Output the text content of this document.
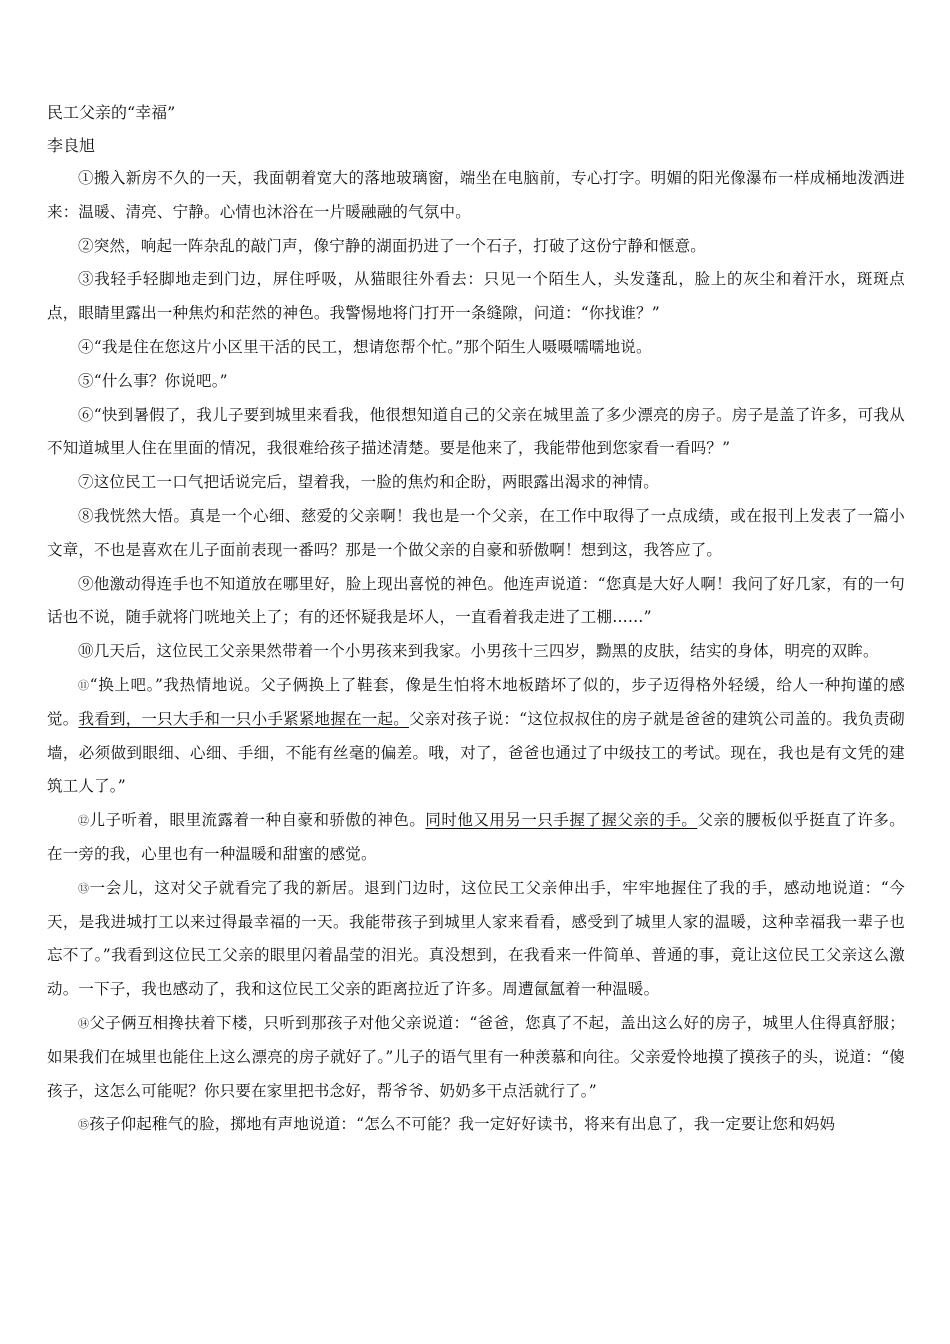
民工父亲的“幸福”

李良旭

①搬入新房不久的一天，我面朝着宽大的落地玻璃窗，端坐在电脑前，专心打字。明媚的阳光像瀑布一样成桶地泼洒进来：温暖、清亮、宁静。心情也沐浴在一片暖融融的气氛中。

②突然，响起一阵杂乱的敲门声，像宁静的湖面扔进了一个石子，打破了这份宁静和惬意。

③我轻手轻脚地走到门边，屏住呼吸，从猫眼往外看去：只见一个陌生人，头发蓬乱，脸上的灰尘和着汗水，斑斑点点，眼睛里露出一种焦灼和茫然的神色。我警惕地将门打开一条缝隙，问道：“你找谁？”

④“我是住在您这片小区里干活的民工，想请您帮个忙。”那个陌生人嗫嗫嚅嚅地说。

⑤“什么事？你说吧。”

⑥“快到暑假了，我儿子要到城里来看我，他很想知道自己的父亲在城里盖了多少漂亮的房子。房子是盖了许多，可我从不知道城里人住在里面的情况，我很难给孩子描述清楚。要是他来了，我能带他到您家看一看吗？”

⑦这位民工一口气把话说完后，望着我，一脸的焦灼和企盼，两眼露出渴求的神情。

⑧我恍然大悟。真是一个心细、慈爱的父亲啊！我也是一个父亲，在工作中取得了一点成绩，或在报刊上发表了一篇小文章，不也是喜欢在儿子面前表现一番吗？那是一个做父亲的自豪和骄傲啊！想到这，我答应了。

⑨他激动得连手也不知道放在哪里好，脸上现出喜悦的神色。他连声说道：“您真是大好人啊！我问了好几家，有的一句话也不说，随手就将门咣地关上了；有的还怀疑我是坏人，一直看着我走进了工棚……”

⑩几天后，这位民工父亲果然带着一个小男孩来到我家。小男孩十三四岁，黝黑的皮肤，结实的身体，明亮的双眸。

⑪“换上吧。”我热情地说。父子俩换上了鞋套，像是生怕将木地板踏坏了似的，步子迈得格外轻缓，给人一种拘谨的感觉。我看到，一只大手和一只小手紧紧地握在一起。父亲对孩子说：“这位叔叔住的房子就是爸爸的建筑公司盖的。我负责砌墙，必须做到眼细、心细、手细，不能有丝毫的偏差。哦，对了，爸爸也通过了中级技工的考试。现在，我也是有文凭的建筑工人了。”

⑫儿子听着，眼里流露着一种自豪和骄傲的神色。同时他又用另一只手握了握父亲的手。父亲的腰板似乎挺直了许多。在一旁的我，心里也有一种温暖和甜蜜的感觉。

⑬一会儿，这对父子就看完了我的新居。退到门边时，这位民工父亲伸出手，牢牢地握住了我的手，感动地说道：“今天，是我进城打工以来过得最幸福的一天。我能带孩子到城里人家来看看，感受到了城里人家的温暖，这种幸福我一辈子也忘不了。”我看到这位民工父亲的眼里闪着晶莹的泪光。真没想到，在我看来一件简单、普通的事，竟让这位民工父亲这么激动。一下子，我也感动了，我和这位民工父亲的距离拉近了许多。周遭氤氲着一种温暖。

⑭父子俩互相搀扶着下楼，只听到那孩子对他父亲说道：“爸爸，您真了不起，盖出这么好的房子，城里人住得真舒服；如果我们在城里也能住上这么漂亮的房子就好了。”儿子的语气里有一种羡慕和向往。父亲爱怜地摸了摸孩子的头，说道：“傻孩子，这怎么可能呢？你只要在家里把书念好，帮爷爷、奶奶多干点活就行了。”

⑮孩子仰起稚气的脸，掷地有声地说道：“怎么不可能？我一定好好读书，将来有出息了，我一定要让您和妈妈
